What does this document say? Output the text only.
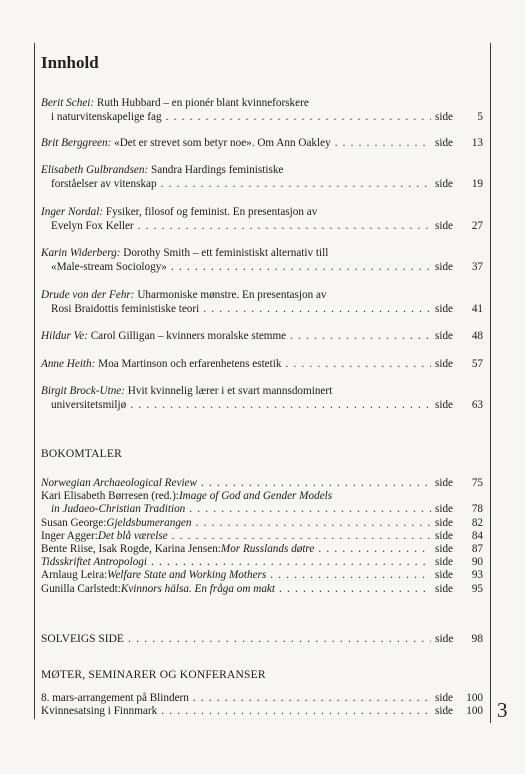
Innhold
Berit Schei:
Ruth Hubbard – en pionér blant kvinneforskere
i naturvitenskapelige fag . . .	side	5
Brit Berggreen:
«Det er strevet som betyr noe». Om Ann Oakley . . .	side	13
Elisabeth Gulbrandsen:
Sandra Hardings feministiske
forståelser av vitenskap . . .	side	19
Inger Nordal:
Fysiker, filosof og feminist. En presentasjon av
Evelyn Fox Keller . . .	side	27
Karin Widerberg:
Dorothy Smith – ett feministiskt alternativ till
«Male-stream Sociology» . . .	side	37
Drude von der Fehr:
Uharmoniske mønstre. En presentasjon av
Rosi Braidottis feministiske teori . . .	side	41
Hildur Ve:
Carol Gilligan – kvinners moralske stemme . . .	side	48
Anne Heith:
Moa Martinson och erfarenhetens estetik . . .	side	57
Birgit Brock-Utne:
Hvit kvinnelig lærer i et svart mannsdominert
universitetsmiljø . . .	side	63
BOKOMTALER
Norwegian Archaeological Review . . .	side	75
Kari Elisabeth Børresen (red.): Image of God and Gender Models
in Judaeo-Christian Tradition . . .	side	78
Susan George: Gjeldsbumerangen . . .	side	82
Inger Agger: Det blå værelse . . .	side	84
Bente Riise, Isak Rogde, Karina Jensen: Mor Russlands døtre . . .	side	87
Tidsskriftet Antropologi . . .	side	90
Arnlaug Leira: Welfare State and Working Mothers . . .	side	93
Gunilla Carlstedt: Kvinnors hälsa. En fråga om makt . . .	side	95
SOLVEIGS SIDE . . .	side	98
MØTER, SEMINARER OG KONFERANSER
8. mars-arrangement på Blindern . . .	side	100
Kvinnesatsing i Finnmark . . .	side	100 3
